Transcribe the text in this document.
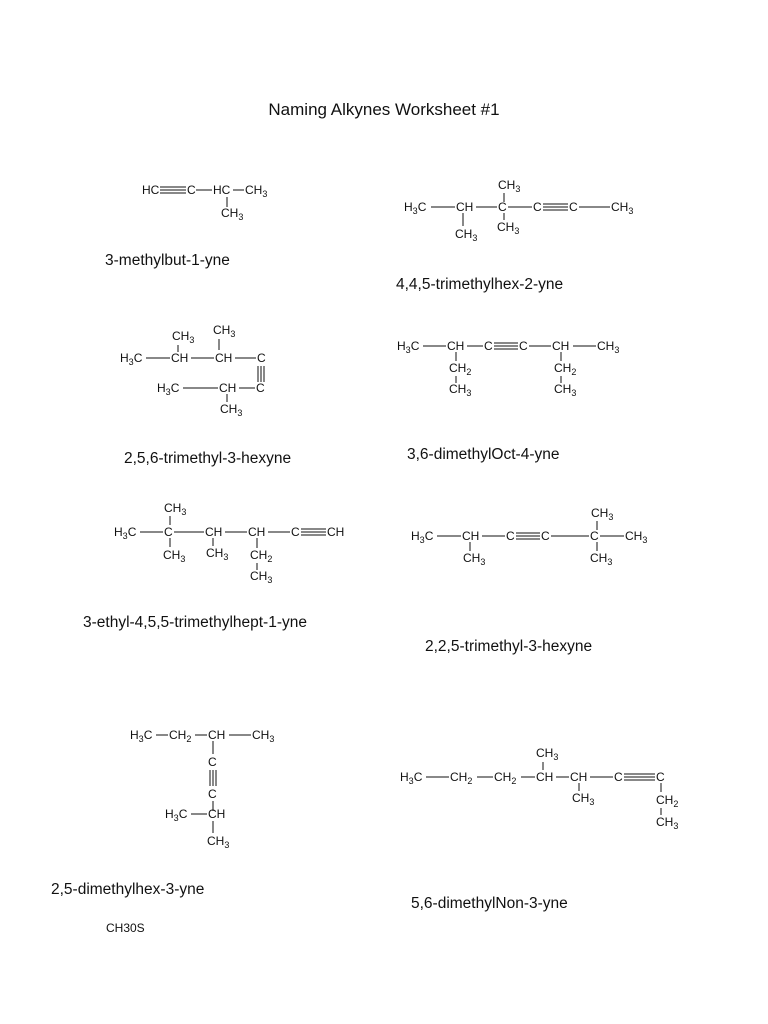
Naming Alkynes Worksheet #1
HC C HC $CH_3$
$CH_3$
$CH_3$
$H_3C$ CH C C C	$CH_3$
$CH_3$
$CH_3$
$CH_3$
$CH_3$
$H_3C$ CH CH C
$H_3C$	CH C
$CH_3$
$H_3C$ CH C C CH $CH_3$
$CH_2$
$CH_3$
$CH_2$
$CH_3$
$CH_3$
$H_3C$ C	CH CH C CH
$CH_3$ $CH_3$ $CH_2$
$CH_3$
$CH_3$
$H_3C$ CH C C	C $CH_3$
$CH_3$	$CH_3$
$H_3C$ $CH_2$ CH $CH_3$
C
C
$H_3C$ CH
$CH_3$
$CH_3$
$H_3C$ $CH_2$ $CH_2$ CH CH C	C
$CH_3$	$CH_2$
$CH_3$
3-methylbut-1-yne
4,4,5-trimethylhex-2-yne
2,5,6-trimethyl-3-hexyne	3,6-dimethylOct-4-yne
3-ethyl-4,5,5-trimethylhept-1-yne
2,2,5-trimethyl-3-hexyne
2,5-dimethylhex-3-yne
5,6-dimethylNon-3-yne
CH30S
